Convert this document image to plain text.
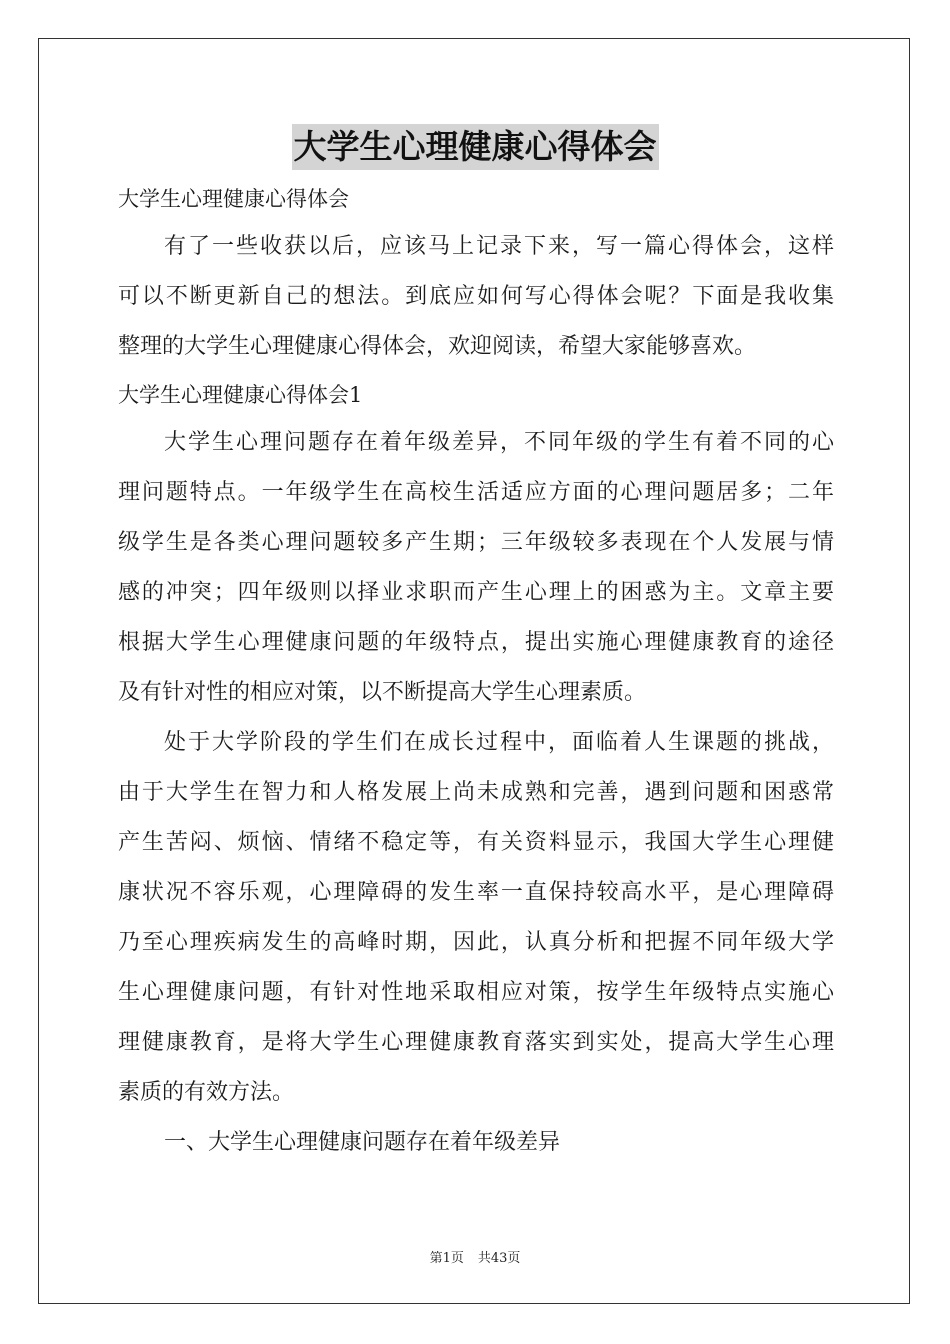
大学生心理健康心得体会
大学生心理健康心得体会
有了一些收获以后，应该马上记录下来，写一篇心得体会，这样
可以不断更新自己的想法。到底应如何写心得体会呢？下面是我收集
整理的大学生心理健康心得体会，欢迎阅读，希望大家能够喜欢。
大学生心理健康心得体会1
大学生心理问题存在着年级差异，不同年级的学生有着不同的心
理问题特点。一年级学生在高校生活适应方面的心理问题居多；二年
级学生是各类心理问题较多产生期；三年级较多表现在个人发展与情
感的冲突；四年级则以择业求职而产生心理上的困惑为主。文章主要
根据大学生心理健康问题的年级特点，提出实施心理健康教育的途径
及有针对性的相应对策，以不断提高大学生心理素质。
处于大学阶段的学生们在成长过程中，面临着人生课题的挑战，
由于大学生在智力和人格发展上尚未成熟和完善，遇到问题和困惑常
产生苦闷、烦恼、情绪不稳定等，有关资料显示，我国大学生心理健
康状况不容乐观，心理障碍的发生率一直保持较高水平，是心理障碍
乃至心理疾病发生的高峰时期，因此，认真分析和把握不同年级大学
生心理健康问题，有针对性地采取相应对策，按学生年级特点实施心
理健康教育，是将大学生心理健康教育落实到实处，提高大学生心理
素质的有效方法。
一、大学生心理健康问题存在着年级差异
第1页 共43页
